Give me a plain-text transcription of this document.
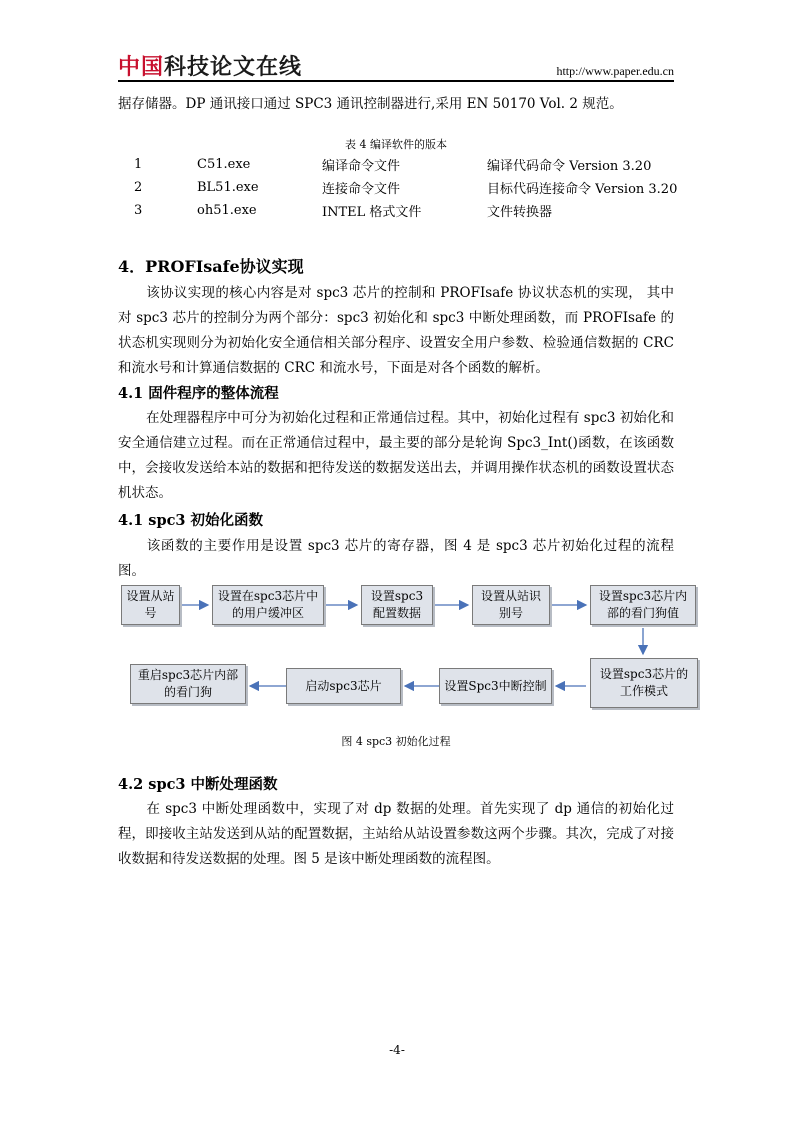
中国科技论文在线	http://www.paper.edu.cn
据存储器。DP 通讯接口通过 SPC3 通讯控制器进行,采用 EN 50170 Vol. 2 规范。
表 4 编译软件的版本
1	C51.exe	编译命令文件	编译代码命令 Version 3.20
2	BL51.exe	连接命令文件	目标代码连接命令 Version 3.20
3	oh51.exe	INTEL 格式文件	文件转换器
4．PROFIsafe协议实现
该协议实现的核心内容是对 spc3 芯片的控制和 PROFIsafe 协议状态机的实现， 其中对 spc3 芯片的控制分为两个部分：spc3 初始化和 spc3 中断处理函数，而 PROFIsafe 的状态机实现则分为初始化安全通信相关部分程序、设置安全用户参数、检验通信数据的 CRC 和流水号和计算通信数据的 CRC 和流水号，下面是对各个函数的解析。
4.1 固件程序的整体流程
在处理器程序中可分为初始化过程和正常通信过程。其中，初始化过程有 spc3 初始化和安全通信建立过程。而在正常通信过程中，最主要的部分是轮询 Spc3_Int()函数，在该函数中，会接收发送给本站的数据和把待发送的数据发送出去，并调用操作状态机的函数设置状态机状态。
4.1 spc3 初始化函数
该函数的主要作用是设置 spc3 芯片的寄存器，图 4 是 spc3 芯片初始化过程的流程图。
设置从站号
设置在spc3芯片中的用户缓冲区
设置spc3配置数据
设置从站识别号
设置spc3芯片内部的看门狗值
设置spc3芯片的工作模式
设置Spc3中断控制
启动spc3芯片
重启spc3芯片内部的看门狗
图 4 spc3 初始化过程
4.2 spc3 中断处理函数
在 spc3 中断处理函数中，实现了对 dp 数据的处理。首先实现了 dp 通信的初始化过程，即接收主站发送到从站的配置数据，主站给从站设置参数这两个步骤。其次，完成了对接收数据和待发送数据的处理。图 5 是该中断处理函数的流程图。
-4-
